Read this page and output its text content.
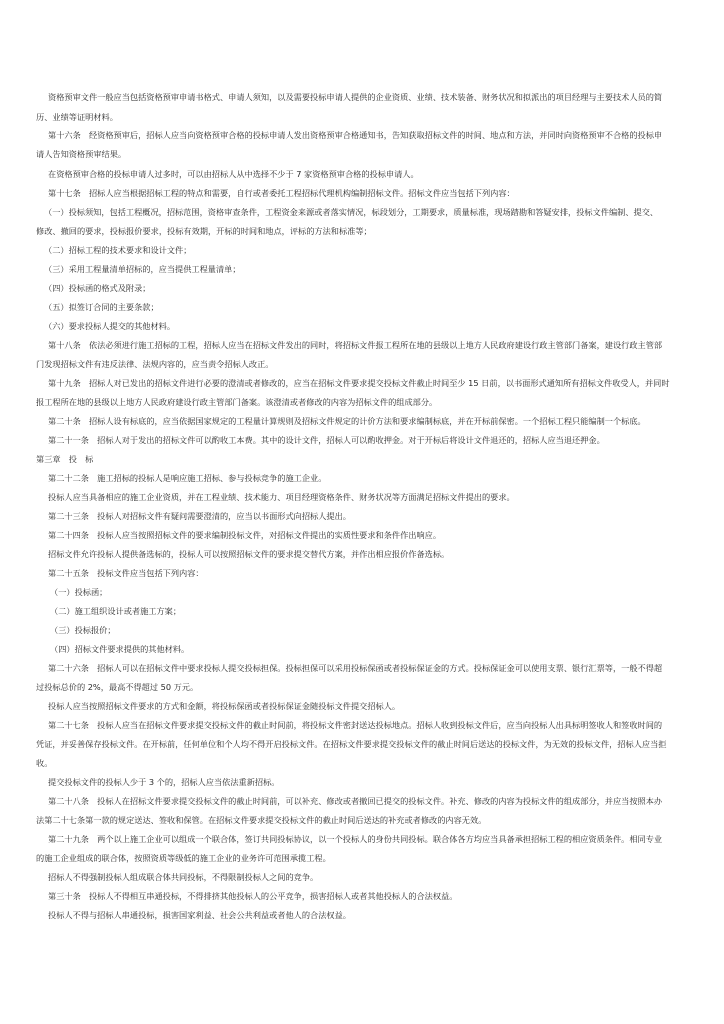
资格预审文件一般应当包括资格预审申请书格式、申请人须知，以及需要投标申请人提供的企业资质、业绩、技术装备、财务状况和拟派出的项目经理与主要技术人员的简
历、业绩等证明材料。
第十六条　经资格预审后，招标人应当向资格预审合格的投标申请人发出资格预审合格通知书，告知获取招标文件的时间、地点和方法，并同时向资格预审不合格的投标申
请人告知资格预审结果。
在资格预审合格的投标申请人过多时，可以由招标人从中选择不少于 7 家资格预审合格的投标申请人。
第十七条　招标人应当根据招标工程的特点和需要，自行或者委托工程招标代理机构编制招标文件。招标文件应当包括下列内容：
（一）投标须知，包括工程概况，招标范围，资格审查条件，工程资金来源或者落实情况，标段划分，工期要求，质量标准，现场踏勘和答疑安排，投标文件编制、提交、
修改、撤回的要求，投标报价要求，投标有效期，开标的时间和地点，评标的方法和标准等；
（二）招标工程的技术要求和设计文件；
（三）采用工程量清单招标的，应当提供工程量清单；
（四）投标函的格式及附录；
（五）拟签订合同的主要条款；
（六）要求投标人提交的其他材料。
第十八条　依法必须进行施工招标的工程，招标人应当在招标文件发出的同时，将招标文件报工程所在地的县级以上地方人民政府建设行政主管部门备案，建设行政主管部
门发现招标文件有违反法律、法规内容的，应当责令招标人改正。
第十九条　招标人对已发出的招标文件进行必要的澄清或者修改的，应当在招标文件要求提交投标文件截止时间至少 15 日前，以书面形式通知所有招标文件收受人，并同时
报工程所在地的县级以上地方人民政府建设行政主管部门备案。该澄清或者修改的内容为招标文件的组成部分。
第二十条　招标人设有标底的，应当依据国家规定的工程量计算规则及招标文件规定的计价方法和要求编制标底，并在开标前保密。一个招标工程只能编制一个标底。
第二十一条　招标人对于发出的招标文件可以酌收工本费。其中的设计文件，招标人可以酌收押金。对于开标后将设计文件退还的，招标人应当退还押金。
第三章　投　标
第二十二条　施工招标的投标人是响应施工招标、参与投标竞争的施工企业。
投标人应当具备相应的施工企业资质，并在工程业绩、技术能力、项目经理资格条件、财务状况等方面满足招标文件提出的要求。
第二十三条　投标人对招标文件有疑问需要澄清的，应当以书面形式向招标人提出。
第二十四条　投标人应当按照招标文件的要求编制投标文件，对招标文件提出的实质性要求和条件作出响应。
招标文件允许投标人提供备选标的，投标人可以按照招标文件的要求提交替代方案，并作出相应报价作备选标。
第二十五条　投标文件应当包括下列内容：
（一）投标函；
（二）施工组织设计或者施工方案；
（三）投标报价；
（四）招标文件要求提供的其他材料。
第二十六条　招标人可以在招标文件中要求投标人提交投标担保。投标担保可以采用投标保函或者投标保证金的方式。投标保证金可以使用支票、银行汇票等，一般不得超
过投标总价的 2%，最高不得超过 50 万元。
投标人应当按照招标文件要求的方式和金额，将投标保函或者投标保证金随投标文件提交招标人。
第二十七条　投标人应当在招标文件要求提交投标文件的截止时间前，将投标文件密封送达投标地点。招标人收到投标文件后，应当向投标人出具标明签收人和签收时间的
凭证，并妥善保存投标文件。在开标前，任何单位和个人均不得开启投标文件。在招标文件要求提交投标文件的截止时间后送达的投标文件，为无效的投标文件，招标人应当拒
收。
提交投标文件的投标人少于 3 个的，招标人应当依法重新招标。
第二十八条　投标人在招标文件要求提交投标文件的截止时间前，可以补充、修改或者撤回已提交的投标文件。补充、修改的内容为投标文件的组成部分，并应当按照本办
法第二十七条第一款的规定送达、签收和保管。在招标文件要求提交投标文件的截止时间后送达的补充或者修改的内容无效。
第二十九条　两个以上施工企业可以组成一个联合体，签订共同投标协议，以一个投标人的身份共同投标。联合体各方均应当具备承担招标工程的相应资质条件。相同专业
的施工企业组成的联合体，按照资质等级低的施工企业的业务许可范围承揽工程。
招标人不得强制投标人组成联合体共同投标，不得限制投标人之间的竞争。
第三十条　投标人不得相互串通投标，不得排挤其他投标人的公平竞争，损害招标人或者其他投标人的合法权益。
投标人不得与招标人串通投标，损害国家利益、社会公共利益或者他人的合法权益。
